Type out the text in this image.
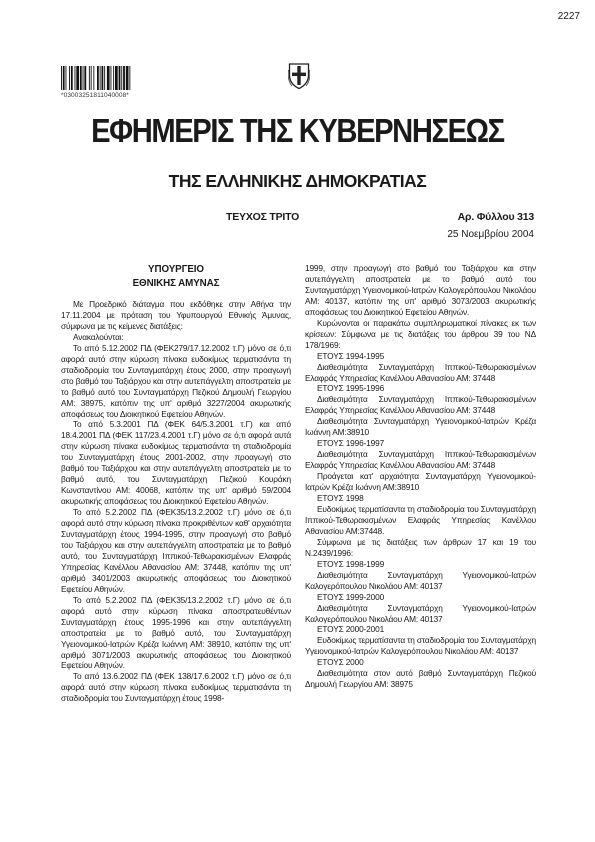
2227
*03003251811040008*
ΕΦΗΜΕΡΙΣ ΤΗΣ ΚΥΒΕΡΝΗΣΕΩΣ
ΤΗΣ ΕΛΛΗΝΙΚΗΣ ΔΗΜΟΚΡΑΤΙΑΣ
ΤΕΥΧΟΣ ΤΡΙΤΟ	Αρ. Φύλλου 313
25 Νοεμβρίου 2004
ΥΠΟΥΡΓΕΙΟ
ΕΘΝΙΚΗΣ ΑΜΥΝΑΣ

Με Προεδρικό διάταγμα που εκδόθηκε στην Αθήνα την 17.11.2004 με πρόταση του Υφυπουργού Εθνικής Άμυνας, σύμφωνα με τις κείμενες διατάξεις:

Ανακαλούνται:

Το από 5.12.2002 ΠΔ (ΦΕΚ279/17.12.2002 τ.Γ) μόνο σε ό,τι αφορά αυτό στην κύρωση πίνακα ευδοκίμως τερματισάντα τη σταδιοδρομία του Συνταγματάρχη έτους 2000, στην προαγωγή στο βαθμό του Ταξιάρχου και στην αυτεπάγγελτη αποστρατεία με το βαθμό αυτό του Συνταγματάρχη Πεζικού Δημουλή Γεωργίου ΑΜ: 38975, κατόπιν της υπ' αριθμό 3227/2004 ακυρωτικής αποφάσεως του Διοικητικού Εφετείου Αθηνών.

Το από 5.3.2001 ΠΔ (ΦΕΚ 64/5.3.2001 τ.Γ) και από 18.4.2001 ΠΔ (ΦΕΚ 117/23.4.2001 τ.Γ) μόνο σε ό,τι αφορά αυτά στην κύρωση πίνακα ευδοκίμως τερματισάντα τη σταδιοδρομία του Συνταγματάρχη έτους 2001-2002, στην προαγωγή στο βαθμό του Ταξιάρχου και στην αυτεπάγγελτη αποστρατεία με το βαθμό αυτό, του Συνταγματάρχη Πεζικού Κουράκη Κωνσταντίνου ΑΜ: 40068, κατόπιν της υπ' αριθμό 59/2004 ακυρωτικής αποφάσεως του Διοικητικού Εφετείου Αθηνών.

Το από 5.2.2002 ΠΔ (ΦΕΚ35/13.2.2002 τ.Γ) μόνο σε ό,τι αφορά αυτό στην κύρωση πίνακα προκριθέντων καθ' αρχαιότητα Συνταγματάρχη έτους 1994-1995, στην προαγωγή στο βαθμό του Ταξιάρχου και στην αυτεπάγγελτη αποστρατεία με το βαθμό αυτό, του Συνταγματάρχη Ιππικού-Τεθωρακισμένων Ελαφράς Υπηρεσίας Κανέλλου Αθανασίου ΑΜ: 37448, κατόπιν της υπ' αριθμό 3401/2003 ακυρωτικής αποφάσεως του Διοικητικού Εφετείου Αθηνών.

Το από 5.2.2002 ΠΔ (ΦΕΚ35/13.2.2002 τ.Γ) μόνο σε ό,τι αφορά αυτό στην κύρωση πίνακα αποστρατευθέντων Συνταγματάρχη έτους 1995-1996 και στην αυτεπάγγελτη αποστρατεία με το βαθμό αυτό, του Συνταγματάρχη Υγειονομικού-Ιατρών Κρέζα Ιωάννη ΑΜ: 38910, κατόπιν της υπ' αριθμό 3071/2003 ακυρωτικής αποφάσεως του Διοικητικού Εφετείου Αθηνών.

Το από 13.6.2002 ΠΔ (ΦΕΚ 138/17.6.2002 τ.Γ) μόνο σε ό,τι αφορά αυτό στην κύρωση πίνακα ευδοκίμως τερματισάντα τη σταδιοδρομία του Συνταγματάρχη έτους 1998-

1999, στην προαγωγή στο βαθμό του Ταξιάρχου και στην αυτεπάγγελτη αποστρατεία με το βαθμό αυτό του Συνταγματάρχη Υγειονομικού-Ιατρών Καλογερόπουλου Νικολάου ΑΜ: 40137, κατόπιν της υπ' αριθμό 3073/2003 ακυρωτικής αποφάσεως του Διοικητικού Εφετείου Αθηνών.

Κυρώνονται οι παρακάτω συμπληρωματικοί πίνακες εκ των κρίσεων: Σύμφωνα με τις διατάξεις του άρθρου 39 του ΝΔ 178/1969:

ΕΤΟΥΣ 1994-1995

Διαθεσιμότητα Συνταγματάρχη Ιππικού-Τεθωρακισμένων Ελαφράς Υπηρεσίας Κανέλλου Αθανασίου ΑΜ: 37448

ΕΤΟΥΣ 1995-1996

Διαθεσιμότητα Συνταγματάρχη Ιππικού-Τεθωρακισμένων Ελαφράς Υπηρεσίας Κανέλλου Αθανασίου ΑΜ: 37448

Διαθεσιμότητα Συνταγματάρχη Υγειονομικού-Ιατρών Κρέζα Ιωάννη ΑΜ:38910

ΕΤΟΥΣ 1996-1997

Διαθεσιμότητα Συνταγματάρχη Ιππικού-Τεθωρακισμένων Ελαφράς Υπηρεσίας Κανέλλου Αθανασίου ΑΜ: 37448

Προάγεται κατ' αρχαιότητα Συνταγματάρχη Υγειονομικού-Ιατρών Κρέζα Ιωάννη ΑΜ:38910

ΕΤΟΥΣ 1998

Ευδοκίμως τερματίσαντα τη σταδιοδρομία του Συνταγματάρχη Ιππικού-Τεθωρακισμένων Ελαφράς Υπηρεσίας Κανέλλου Αθανασίου ΑΜ:37448.

Σύμφωνα με τις διατάξεις των άρθρων 17 και 19 του Ν.2439/1996:

ΕΤΟΥΣ 1998-1999

Διαθεσιμότητα Συνταγματάρχη Υγειονομικού-Ιατρών Καλογερόπουλου Νικολάου ΑΜ: 40137

ΕΤΟΥΣ 1999-2000

Διαθεσιμότητα Συνταγματάρχη Υγειονομικού-Ιατρών Καλογερόπουλου Νικολάου ΑΜ: 40137

ΕΤΟΥΣ 2000-2001

Ευδοκίμως τερματίσαντα τη σταδιοδρομία του Συνταγματάρχη Υγειονομικού-Ιατρών Καλογερόπουλου Νικολάου ΑΜ: 40137

ΕΤΟΥΣ 2000

Διαθεσιμότητα στον αυτό βαθμό Συνταγματάρχη Πεζικού Δημουλή Γεωργίου ΑΜ: 38975
